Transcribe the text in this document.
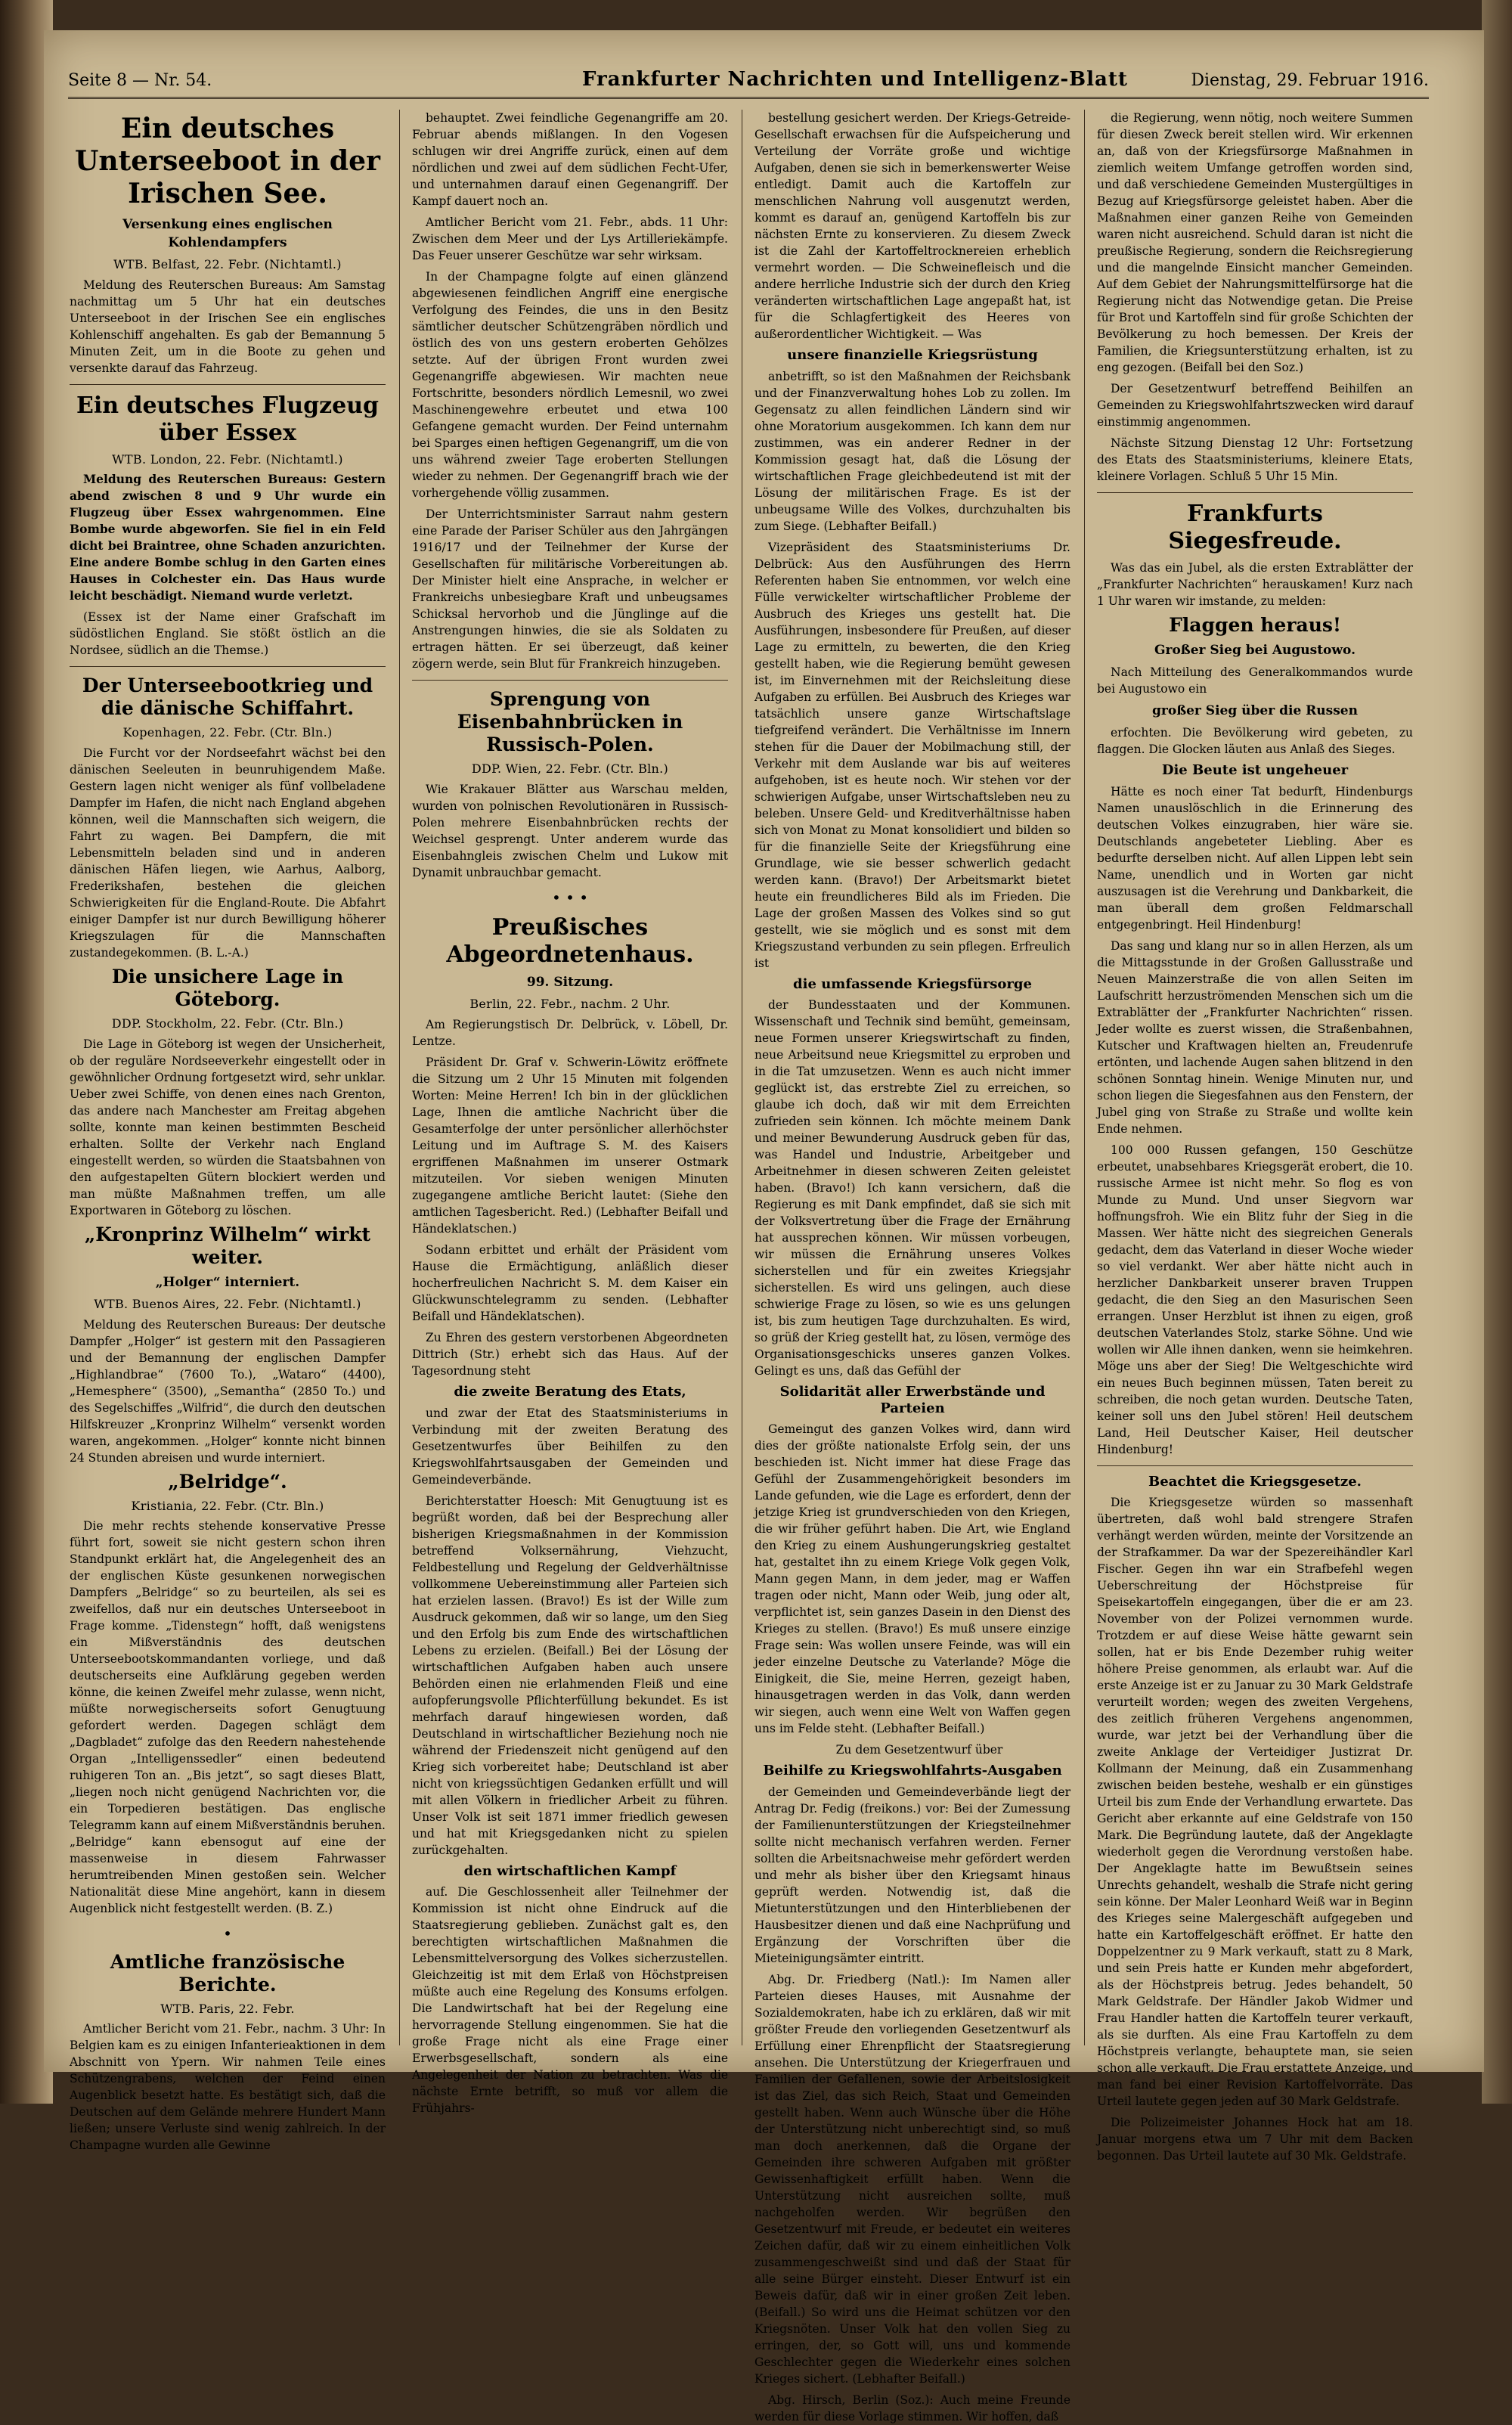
Seite 8 — Nr. 54.	Frankfurter Nachrichten und Intelligenz-Blatt	Dienstag, 29. Februar 1916.
Ein deutsches Unterseeboot in der Irischen See.
Versenkung eines englischen Kohlendampfers
WTB. Belfast, 22. Febr. (Nichtamtl.)

Meldung des Reuterschen Bureaus: Am Samstag nachmittag um 5 Uhr hat ein deutsches Unterseeboot in der Irischen See ein englisches Kohlenschiff angehalten. Es gab der Bemannung 5 Minuten Zeit, um in die Boote zu gehen und versenkte darauf das Fahrzeug.

Ein deutsches Flugzeug über Essex
WTB. London, 22. Febr. (Nichtamtl.)

Meldung des Reuterschen Bureaus: Gestern abend zwischen 8 und 9 Uhr wurde ein Flugzeug über Essex wahrgenommen. Eine Bombe wurde abgeworfen. Sie fiel in ein Feld dicht bei Braintree, ohne Schaden anzurichten. Eine andere Bombe schlug in den Garten eines Hauses in Colchester ein. Das Haus wurde leicht beschädigt. Niemand wurde verletzt.

(Essex ist der Name einer Grafschaft im südöstlichen England. Sie stößt östlich an die Nordsee, südlich an die Themse.)

Der Unterseebootkrieg und die dänische Schiffahrt.
Kopenhagen, 22. Febr. (Ctr. Bln.)

Die Furcht vor der Nordseefahrt wächst bei den dänischen Seeleuten in beunruhigendem Maße. Gestern lagen nicht weniger als fünf vollbeladene Dampfer im Hafen, die nicht nach England abgehen können, weil die Mannschaften sich weigern, die Fahrt zu wagen. Bei Dampfern, die mit Lebensmitteln beladen sind und in anderen dänischen Häfen liegen, wie Aarhus, Aalborg, Frederikshafen, bestehen die gleichen Schwierigkeiten für die England-Route. Die Abfahrt einiger Dampfer ist nur durch Bewilligung höherer Kriegszulagen für die Mannschaften zustandegekommen. (B. L.-A.)

Die unsichere Lage in Göteborg.
DDP. Stockholm, 22. Febr. (Ctr. Bln.)

Die Lage in Göteborg ist wegen der Unsicherheit, ob der reguläre Nordseeverkehr eingestellt oder in gewöhnlicher Ordnung fortgesetzt wird, sehr unklar. Ueber zwei Schiffe, von denen eines nach Grenton, das andere nach Manchester am Freitag abgehen sollte, konnte man keinen bestimmten Bescheid erhalten. Sollte der Verkehr nach England eingestellt werden, so würden die Staatsbahnen von den aufgestapelten Gütern blockiert werden und man müßte Maßnahmen treffen, um alle Exportwaren in Göteborg zu löschen.

„Kronprinz Wilhelm“ wirkt weiter.
„Holger“ interniert.
WTB. Buenos Aires, 22. Febr. (Nichtamtl.)

Meldung des Reuterschen Bureaus: Der deutsche Dampfer „Holger“ ist gestern mit den Passagieren und der Bemannung der englischen Dampfer „Highlandbrae“ (7600 To.), „Wataro“ (4400), „Hemesphere“ (3500), „Semantha“ (2850 To.) und des Segelschiffes „Wilfrid“, die durch den deutschen Hilfskreuzer „Kronprinz Wilhelm“ versenkt worden waren, angekommen. „Holger“ konnte nicht binnen 24 Stunden abreisen und wurde interniert.

„Belridge“.
Kristiania, 22. Febr. (Ctr. Bln.)

Die mehr rechts stehende konservative Presse führt fort, soweit sie nicht gestern schon ihren Standpunkt erklärt hat, die Angelegenheit des an der englischen Küste gesunkenen norwegischen Dampfers „Belridge“ so zu beurteilen, als sei es zweifellos, daß nur ein deutsches Unterseeboot in Frage komme. „Tidenstegn“ hofft, daß wenigstens ein Mißverständnis des deutschen Unterseebootskommandanten vorliege, und daß deutscherseits eine Aufklärung gegeben werden könne, die keinen Zweifel mehr zulasse, wenn nicht, müßte norwegischerseits sofort Genugtuung gefordert werden. Dagegen schlägt dem „Dagbladet“ zufolge das den Reedern nahestehende Organ „Intelligenssedler“ einen bedeutend ruhigeren Ton an. „Bis jetzt“, so sagt dieses Blatt, „liegen noch nicht genügend Nachrichten vor, die ein Torpedieren bestätigen. Das englische Telegramm kann auf einem Mißverständnis beruhen. „Belridge“ kann ebensogut auf eine der massenweise in diesem Fahrwasser herumtreibenden Minen gestoßen sein. Welcher Nationalität diese Mine angehört, kann in diesem Augenblick nicht festgestellt werden. (B. Z.)

•
Amtliche französische Berichte.
WTB. Paris, 22. Febr.

Amtlicher Bericht vom 21. Febr., nachm. 3 Uhr: In Belgien kam es zu einigen Infanterieaktionen in dem Abschnitt von Ypern. Wir nahmen Teile eines Schützengrabens, welchen der Feind einen Augenblick besetzt hatte. Es bestätigt sich, daß die Deutschen auf dem Gelände mehrere Hundert Mann ließen; unsere Verluste sind wenig zahlreich. In der Champagne wurden alle Gewinne

behauptet. Zwei feindliche Gegenangriffe am 20. Februar abends mißlangen. In den Vogesen schlugen wir drei Angriffe zurück, einen auf dem nördlichen und zwei auf dem südlichen Fecht-Ufer, und unternahmen darauf einen Gegenangriff. Der Kampf dauert noch an.

Amtlicher Bericht vom 21. Febr., abds. 11 Uhr: Zwischen dem Meer und der Lys Artilleriekämpfe. Das Feuer unserer Geschütze war sehr wirksam.

In der Champagne folgte auf einen glänzend abgewiesenen feindlichen Angriff eine energische Verfolgung des Feindes, die uns in den Besitz sämtlicher deutscher Schützengräben nördlich und östlich des von uns gestern eroberten Gehölzes setzte. Auf der übrigen Front wurden zwei Gegenangriffe abgewiesen. Wir machten neue Fortschritte, besonders nördlich Lemesnil, wo zwei Maschinengewehre erbeutet und etwa 100 Gefangene gemacht wurden. Der Feind unternahm bei Sparges einen heftigen Gegenangriff, um die von uns während zweier Tage eroberten Stellungen wieder zu nehmen. Der Gegenangriff brach wie der vorhergehende völlig zusammen.

Der Unterrichtsminister Sarraut nahm gestern eine Parade der Pariser Schüler aus den Jahrgängen 1916/17 und der Teilnehmer der Kurse der Gesellschaften für militärische Vorbereitungen ab. Der Minister hielt eine Ansprache, in welcher er Frankreichs unbesiegbare Kraft und unbeugsames Schicksal hervorhob und die Jünglinge auf die Anstrengungen hinwies, die sie als Soldaten zu ertragen hätten. Er sei überzeugt, daß keiner zögern werde, sein Blut für Frankreich hinzugeben.

Sprengung von Eisenbahnbrücken in Russisch-Polen.
DDP. Wien, 22. Febr. (Ctr. Bln.)

Wie Krakauer Blätter aus Warschau melden, wurden von polnischen Revolutionären in Russisch-Polen mehrere Eisenbahnbrücken rechts der Weichsel gesprengt. Unter anderem wurde das Eisenbahngleis zwischen Chelm und Lukow mit Dynamit unbrauchbar gemacht.

• • •
Preußisches Abgeordnetenhaus.
99. Sitzung.
Berlin, 22. Febr., nachm. 2 Uhr.

Am Regierungstisch Dr. Delbrück, v. Löbell, Dr. Lentze.

Präsident Dr. Graf v. Schwerin-Löwitz eröffnete die Sitzung um 2 Uhr 15 Minuten mit folgenden Worten: Meine Herren! Ich bin in der glücklichen Lage, Ihnen die amtliche Nachricht über die Gesamterfolge der unter persönlicher allerhöchster Leitung und im Auftrage S. M. des Kaisers ergriffenen Maßnahmen im unserer Ostmark mitzuteilen. Vor sieben wenigen Minuten zugegangene amtliche Bericht lautet: (Siehe den amtlichen Tagesbericht. Red.) (Lebhafter Beifall und Händeklatschen.)

Sodann erbittet und erhält der Präsident vom Hause die Ermächtigung, anläßlich dieser hocherfreulichen Nachricht S. M. dem Kaiser ein Glückwunschtelegramm zu senden. (Lebhafter Beifall und Händeklatschen).

Zu Ehren des gestern verstorbenen Abgeordneten Dittrich (Str.) erhebt sich das Haus. Auf der Tagesordnung steht

die zweite Beratung des Etats,

und zwar der Etat des Staatsministeriums in Verbindung mit der zweiten Beratung des Gesetzentwurfes über Beihilfen zu den Kriegswohlfahrtsausgaben der Gemeinden und Gemeindeverbände.

Berichterstatter Hoesch: Mit Genugtuung ist es begrüßt worden, daß bei der Besprechung aller bisherigen Kriegsmaßnahmen in der Kommission betreffend Volksernährung, Viehzucht, Feldbestellung und Regelung der Geldverhältnisse vollkommene Uebereinstimmung aller Parteien sich hat erzielen lassen. (Bravo!) Es ist der Wille zum Ausdruck gekommen, daß wir so lange, um den Sieg und den Erfolg bis zum Ende des wirtschaftlichen Lebens zu erzielen. (Beifall.) Bei der Lösung der wirtschaftlichen Aufgaben haben auch unsere Behörden einen nie erlahmenden Fleiß und eine aufopferungsvolle Pflichterfüllung bekundet. Es ist mehrfach darauf hingewiesen worden, daß Deutschland in wirtschaftlicher Beziehung noch nie während der Friedenszeit nicht genügend auf den Krieg sich vorbereitet habe; Deutschland ist aber nicht von kriegssüchtigen Gedanken erfüllt und will mit allen Völkern in friedlicher Arbeit zu führen. Unser Volk ist seit 1871 immer friedlich gewesen und hat mit Kriegsgedanken nicht zu spielen zurückgehalten.

den wirtschaftlichen Kampf

auf. Die Geschlossenheit aller Teilnehmer der Kommission ist nicht ohne Eindruck auf die Staatsregierung geblieben. Zunächst galt es, den berechtigten wirtschaftlichen Maßnahmen die Lebensmittelversorgung des Volkes sicherzustellen. Gleichzeitig ist mit dem Erlaß von Höchstpreisen müßte auch eine Regelung des Konsums erfolgen. Die Landwirtschaft hat bei der Regelung eine hervorragende Stellung eingenommen. Sie hat die große Frage nicht als eine Frage einer Erwerbsgesellschaft, sondern als eine Angelegenheit der Nation zu betrachten. Was die nächste Ernte betrifft, so muß vor allem die Frühjahrs-

bestellung gesichert werden. Der Kriegs-Getreide-Gesellschaft erwachsen für die Aufspeicherung und Verteilung der Vorräte große und wichtige Aufgaben, denen sie sich in bemerkenswerter Weise entledigt. Damit auch die Kartoffeln zur menschlichen Nahrung voll ausgenutzt werden, kommt es darauf an, genügend Kartoffeln bis zur nächsten Ernte zu konservieren. Zu diesem Zweck ist die Zahl der Kartoffeltrocknereien erheblich vermehrt worden. — Die Schweinefleisch und die andere herrliche Industrie sich der durch den Krieg veränderten wirtschaftlichen Lage angepaßt hat, ist für die Schlagfertigkeit des Heeres von außerordentlicher Wichtigkeit. — Was

unsere finanzielle Kriegsrüstung

anbetrifft, so ist den Maßnahmen der Reichsbank und der Finanzverwaltung hohes Lob zu zollen. Im Gegensatz zu allen feindlichen Ländern sind wir ohne Moratorium ausgekommen. Ich kann dem nur zustimmen, was ein anderer Redner in der Kommission gesagt hat, daß die Lösung der wirtschaftlichen Frage gleichbedeutend ist mit der Lösung der militärischen Frage. Es ist der unbeugsame Wille des Volkes, durchzuhalten bis zum Siege. (Lebhafter Beifall.)

Vizepräsident des Staatsministeriums Dr. Delbrück: Aus den Ausführungen des Herrn Referenten haben Sie entnommen, vor welch eine Fülle verwickelter wirtschaftlicher Probleme der Ausbruch des Krieges uns gestellt hat. Die Ausführungen, insbesondere für Preußen, auf dieser Lage zu ermitteln, zu bewerten, die den Krieg gestellt haben, wie die Regierung bemüht gewesen ist, im Einvernehmen mit der Reichsleitung diese Aufgaben zu erfüllen. Bei Ausbruch des Krieges war tatsächlich unsere ganze Wirtschaftslage tiefgreifend verändert. Die Verhältnisse im Innern stehen für die Dauer der Mobilmachung still, der Verkehr mit dem Auslande war bis auf weiteres aufgehoben, ist es heute noch. Wir stehen vor der schwierigen Aufgabe, unser Wirtschaftsleben neu zu beleben. Unsere Geld- und Kreditverhältnisse haben sich von Monat zu Monat konsolidiert und bilden so für die finanzielle Seite der Kriegsführung eine Grundlage, wie sie besser schwerlich gedacht werden kann. (Bravo!) Der Arbeitsmarkt bietet heute ein freundlicheres Bild als im Frieden. Die Lage der großen Massen des Volkes sind so gut gestellt, wie sie möglich und es sonst mit dem Kriegszustand verbunden zu sein pflegen. Erfreulich ist

die umfassende Kriegsfürsorge

der Bundesstaaten und der Kommunen. Wissenschaft und Technik sind bemüht, gemeinsam, neue Formen unserer Kriegswirtschaft zu finden, neue Arbeitsund neue Kriegsmittel zu erproben und in die Tat umzusetzen. Wenn es auch nicht immer geglückt ist, das erstrebte Ziel zu erreichen, so glaube ich doch, daß wir mit dem Erreichten zufrieden sein können. Ich möchte meinem Dank und meiner Bewunderung Ausdruck geben für das, was Handel und Industrie, Arbeitgeber und Arbeitnehmer in diesen schweren Zeiten geleistet haben. (Bravo!) Ich kann versichern, daß die Regierung es mit Dank empfindet, daß sie sich mit der Volksvertretung über die Frage der Ernährung hat aussprechen können. Wir müssen vorbeugen, wir müssen die Ernährung unseres Volkes sicherstellen und für ein zweites Kriegsjahr sicherstellen. Es wird uns gelingen, auch diese schwierige Frage zu lösen, so wie es uns gelungen ist, bis zum heutigen Tage durchzuhalten. Es wird, so grüß der Krieg gestellt hat, zu lösen, vermöge des Organisationsgeschicks unseres ganzen Volkes. Gelingt es uns, daß das Gefühl der

Solidarität aller Erwerbstände und Parteien

Gemeingut des ganzen Volkes wird, dann wird dies der größte nationalste Erfolg sein, der uns beschieden ist. Nicht immer hat diese Frage das Gefühl der Zusammengehörigkeit besonders im Lande gefunden, wie die Lage es erfordert, denn der jetzige Krieg ist grundverschieden von den Kriegen, die wir früher geführt haben. Die Art, wie England den Krieg zu einem Aushungerungskrieg gestaltet hat, gestaltet ihn zu einem Kriege Volk gegen Volk, Mann gegen Mann, in dem jeder, mag er Waffen tragen oder nicht, Mann oder Weib, jung oder alt, verpflichtet ist, sein ganzes Dasein in den Dienst des Krieges zu stellen. (Bravo!) Es muß unsere einzige Frage sein: Was wollen unsere Feinde, was will ein jeder einzelne Deutsche zu Vaterlande? Möge die Einigkeit, die Sie, meine Herren, gezeigt haben, hinausgetragen werden in das Volk, dann werden wir siegen, auch wenn eine Welt von Waffen gegen uns im Felde steht. (Lebhafter Beifall.)

Zu dem Gesetzentwurf über

Beihilfe zu Kriegswohlfahrts-Ausgaben

der Gemeinden und Gemeindeverbände liegt der Antrag Dr. Fedig (freikons.) vor: Bei der Zumessung der Familienunterstützungen der Kriegsteilnehmer sollte nicht mechanisch verfahren werden. Ferner sollten die Arbeitsnachweise mehr gefördert werden und mehr als bisher über den Kriegsamt hinaus geprüft werden. Notwendig ist, daß die Mietunterstützungen und den Hinterbliebenen der Hausbesitzer dienen und daß eine Nachprüfung und Ergänzung der Vorschriften über die Mieteinigungsämter eintritt.

Abg. Dr. Friedberg (Natl.): Im Namen aller Parteien dieses Hauses, mit Ausnahme der Sozialdemokraten, habe ich zu erklären, daß wir mit größter Freude den vorliegenden Gesetzentwurf als Erfüllung einer Ehrenpflicht der Staatsregierung ansehen. Die Unterstützung der Kriegerfrauen und Familien der Gefallenen, sowie der Arbeitslosigkeit ist das Ziel, das sich Reich, Staat und Gemeinden gestellt haben. Wenn auch Wünsche über die Höhe der Unterstützung nicht unberechtigt sind, so muß man doch anerkennen, daß die Organe der Gemeinden ihre schweren Aufgaben mit größter Gewissenhaftigkeit erfüllt haben. Wenn die Unterstützung nicht ausreichen sollte, muß nachgeholfen werden. Wir begrüßen den Gesetzentwurf mit Freude, er bedeutet ein weiteres Zeichen dafür, daß wir zu einem einheitlichen Volk zusammengeschweißt sind und daß der Staat für alle seine Bürger einsteht. Dieser Entwurf ist ein Beweis dafür, daß wir in einer großen Zeit leben. (Beifall.) So wird uns die Heimat schützen vor den Kriegsnöten. Unser Volk hat den vollen Sieg zu erringen, der, so Gott will, uns und kommende Geschlechter gegen die Wiederkehr eines solchen Krieges sichert. (Lebhafter Beifall.)

Abg. Hirsch, Berlin (Soz.): Auch meine Freunde werden für diese Vorlage stimmen. Wir hoffen, daß

die Regierung, wenn nötig, noch weitere Summen für diesen Zweck bereit stellen wird. Wir erkennen an, daß von der Kriegsfürsorge Maßnahmen in ziemlich weitem Umfange getroffen worden sind, und daß verschiedene Gemeinden Mustergültiges in Bezug auf Kriegsfürsorge geleistet haben. Aber die Maßnahmen einer ganzen Reihe von Gemeinden waren nicht ausreichend. Schuld daran ist nicht die preußische Regierung, sondern die Reichsregierung und die mangelnde Einsicht mancher Gemeinden. Auf dem Gebiet der Nahrungsmittelfürsorge hat die Regierung nicht das Notwendige getan. Die Preise für Brot und Kartoffeln sind für große Schichten der Bevölkerung zu hoch bemessen. Der Kreis der Familien, die Kriegsunterstützung erhalten, ist zu eng gezogen. (Beifall bei den Soz.)

Der Gesetzentwurf betreffend Beihilfen an Gemeinden zu Kriegswohlfahrtszwecken wird darauf einstimmig angenommen.

Nächste Sitzung Dienstag 12 Uhr: Fortsetzung des Etats des Staatsministeriums, kleinere Etats, kleinere Vorlagen. Schluß 5 Uhr 15 Min.

Frankfurts Siegesfreude.

Was das ein Jubel, als die ersten Extrablätter der „Frankfurter Nachrichten“ herauskamen! Kurz nach 1 Uhr waren wir imstande, zu melden:

Flaggen heraus!
Großer Sieg bei Augustowo.

Nach Mitteilung des Generalkommandos wurde bei Augustowo ein

großer Sieg über die Russen

erfochten. Die Bevölkerung wird gebeten, zu flaggen. Die Glocken läuten aus Anlaß des Sieges.

Die Beute ist ungeheuer

Hätte es noch einer Tat bedurft, Hindenburgs Namen unauslöschlich in die Erinnerung des deutschen Volkes einzugraben, hier wäre sie. Deutschlands angebeteter Liebling. Aber es bedurfte derselben nicht. Auf allen Lippen lebt sein Name, unendlich und in Worten gar nicht auszusagen ist die Verehrung und Dankbarkeit, die man überall dem großen Feldmarschall entgegenbringt. Heil Hindenburg!

Das sang und klang nur so in allen Herzen, als um die Mittagsstunde in der Großen Gallusstraße und Neuen Mainzerstraße die von allen Seiten im Laufschritt herzuströmenden Menschen sich um die Extrablätter der „Frankfurter Nachrichten“ rissen. Jeder wollte es zuerst wissen, die Straßenbahnen, Kutscher und Kraftwagen hielten an, Freudenrufe ertönten, und lachende Augen sahen blitzend in den schönen Sonntag hinein. Wenige Minuten nur, und schon liegen die Siegesfahnen aus den Fenstern, der Jubel ging von Straße zu Straße und wollte kein Ende nehmen.

100 000 Russen gefangen, 150 Geschütze erbeutet, unabsehbares Kriegsgerät erobert, die 10. russische Armee ist nicht mehr. So flog es von Munde zu Mund. Und unser Siegvorn war hoffnungsfroh. Wie ein Blitz fuhr der Sieg in die Massen. Wer hätte nicht des siegreichen Generals gedacht, dem das Vaterland in dieser Woche wieder so viel verdankt. Wer aber hätte nicht auch in herzlicher Dankbarkeit unserer braven Truppen gedacht, die den Sieg an den Masurischen Seen errangen. Unser Herzblut ist ihnen zu eigen, groß deutschen Vaterlandes Stolz, starke Söhne. Und wie wollen wir Alle ihnen danken, wenn sie heimkehren. Möge uns aber der Sieg! Die Weltgeschichte wird ein neues Buch beginnen müssen, Taten bereit zu schreiben, die noch getan wurden. Deutsche Taten, keiner soll uns den Jubel stören! Heil deutschem Land, Heil Deutscher Kaiser, Heil deutscher Hindenburg!

Beachtet die Kriegsgesetze.

Die Kriegsgesetze würden so massenhaft übertreten, daß wohl bald strengere Strafen verhängt werden würden, meinte der Vorsitzende an der Strafkammer. Da war der Spezereihändler Karl Fischer. Gegen ihn war ein Strafbefehl wegen Ueberschreitung der Höchstpreise für Speisekartoffeln eingegangen, über die er am 23. November von der Polizei vernommen wurde. Trotzdem er auf diese Weise hätte gewarnt sein sollen, hat er bis Ende Dezember ruhig weiter höhere Preise genommen, als erlaubt war. Auf die erste Anzeige ist er zu Januar zu 30 Mark Geldstrafe verurteilt worden; wegen des zweiten Vergehens, des zeitlich früheren Vergehens angenommen, wurde, war jetzt bei der Verhandlung über die zweite Anklage der Verteidiger Justizrat Dr. Kollmann der Meinung, daß ein Zusammenhang zwischen beiden bestehe, weshalb er ein günstiges Urteil bis zum Ende der Verhandlung erwartete. Das Gericht aber erkannte auf eine Geldstrafe von 150 Mark. Die Begründung lautete, daß der Angeklagte wiederholt gegen die Verordnung verstoßen habe. Der Angeklagte hatte im Bewußtsein seines Unrechts gehandelt, weshalb die Strafe nicht gering sein könne. Der Maler Leonhard Weiß war in Beginn des Krieges seine Malergeschäft aufgegeben und hatte ein Kartoffelgeschäft eröffnet. Er hatte den Doppelzentner zu 9 Mark verkauft, statt zu 8 Mark, und sein Preis hatte er Kunden mehr abgefordert, als der Höchstpreis betrug. Jedes behandelt, 50 Mark Geldstrafe. Der Händler Jakob Widmer und Frau Handler hatten die Kartoffeln teurer verkauft, als sie durften. Als eine Frau Kartoffeln zu dem Höchstpreis verlangte, behauptete man, sie seien schon alle verkauft. Die Frau erstattete Anzeige, und man fand bei einer Revision Kartoffelvorräte. Das Urteil lautete gegen jeden auf 30 Mark Geldstrafe.

Die Polizeimeister Johannes Hock hat am 18. Januar morgens etwa um 7 Uhr mit dem Backen begonnen. Das Urteil lautete auf 30 Mk. Geldstrafe.
